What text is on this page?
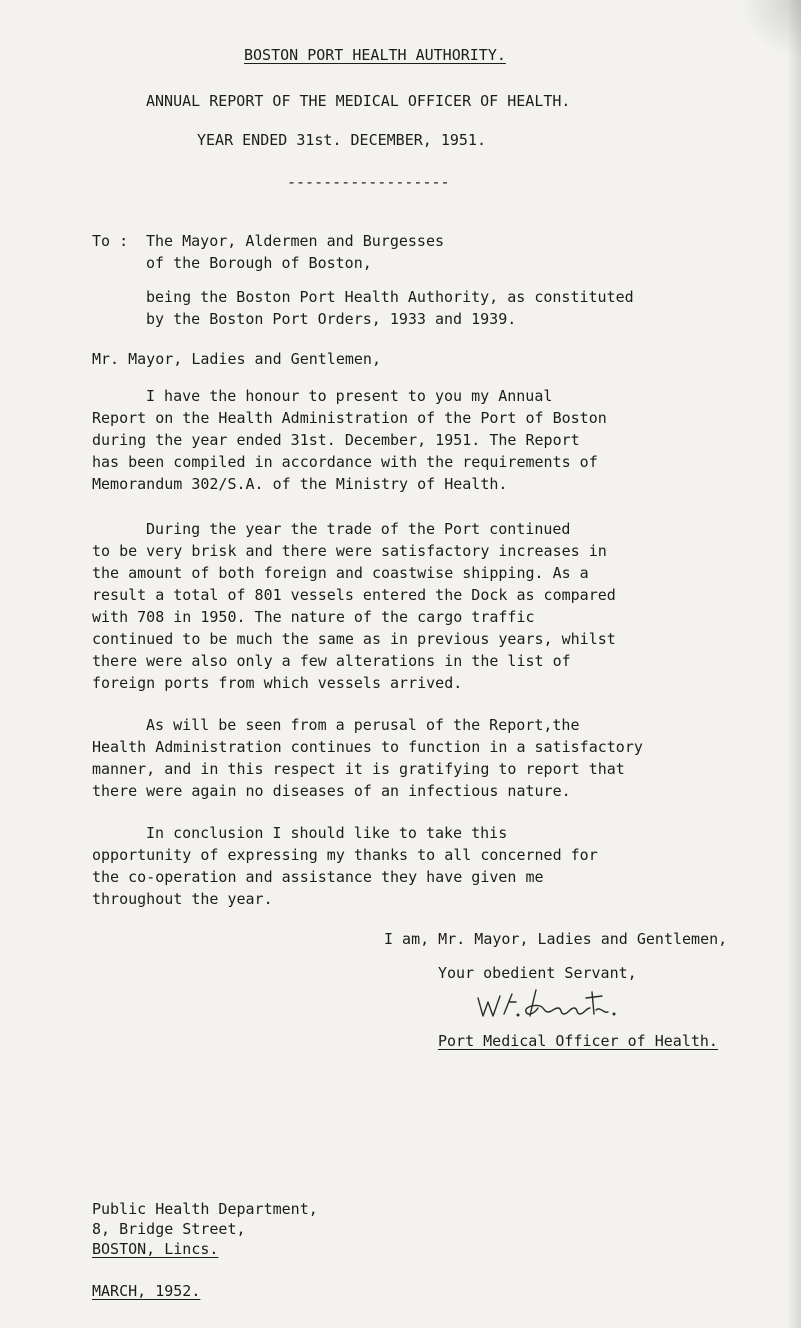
BOSTON PORT HEALTH AUTHORITY.
ANNUAL REPORT OF THE MEDICAL OFFICER OF HEALTH.
YEAR ENDED 31st. DECEMBER, 1951.
------------------
To : The Mayor, Aldermen and Burgesses
of the Borough of Boston,
being the Boston Port Health Authority, as constituted
by the Boston Port Orders, 1933 and 1939.
Mr. Mayor, Ladies and Gentlemen,
I have the honour to present to you my Annual
Report on the Health Administration of the Port of Boston
during the year ended 31st. December, 1951. The Report
has been compiled in accordance with the requirements of
Memorandum 302/S.A. of the Ministry of Health.
During the year the trade of the Port continued
to be very brisk and there were satisfactory increases in
the amount of both foreign and coastwise shipping. As a
result a total of 801 vessels entered the Dock as compared
with 708 in 1950. The nature of the cargo traffic
continued to be much the same as in previous years, whilst
there were also only a few alterations in the list of
foreign ports from which vessels arrived.
As will be seen from a perusal of the Report,the
Health Administration continues to function in a satisfactory
manner, and in this respect it is gratifying to report that
there were again no diseases of an infectious nature.
In conclusion I should like to take this
opportunity of expressing my thanks to all concerned for
the co-operation and assistance they have given me
throughout the year.
I am, Mr. Mayor, Ladies and Gentlemen,
Your obedient Servant,
Port Medical Officer of Health.
Public Health Department,
8, Bridge Street,
BOSTON, Lincs.
MARCH, 1952.
